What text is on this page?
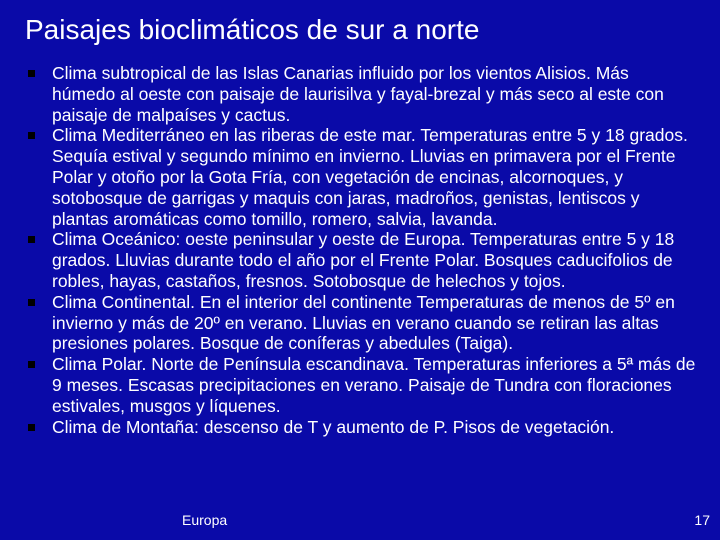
Paisajes bioclimáticos de sur a norte
Clima subtropical de las Islas Canarias influido por los vientos Alisios. Más húmedo al oeste con paisaje de laurisilva y fayal-brezal y más seco al este con paisaje de malpaíses y cactus.
Clima Mediterráneo en las riberas de este mar. Temperaturas entre 5 y 18 grados. Sequía estival y segundo mínimo en invierno. Lluvias en primavera por el Frente Polar y otoño por la Gota Fría, con vegetación de encinas, alcornoques, y sotobosque de garrigas y maquis con jaras, madroños, genistas, lentiscos y plantas aromáticas como tomillo, romero, salvia, lavanda.
Clima Oceánico: oeste peninsular y oeste de Europa. Temperaturas entre 5 y 18 grados. Lluvias durante todo el año por el Frente Polar. Bosques caducifolios de robles, hayas, castaños, fresnos. Sotobosque de helechos y tojos.
Clima Continental. En el interior del continente Temperaturas de menos de 5º en invierno y más de 20º en verano. Lluvias en verano cuando se retiran las altas presiones polares. Bosque de coníferas y abedules (Taiga).
Clima Polar. Norte de Península escandinava. Temperaturas inferiores a 5ª más de 9 meses. Escasas precipitaciones en verano. Paisaje de Tundra con floraciones estivales, musgos y líquenes.
Clima de Montaña: descenso de T y aumento de P. Pisos de vegetación.
Europa	17
